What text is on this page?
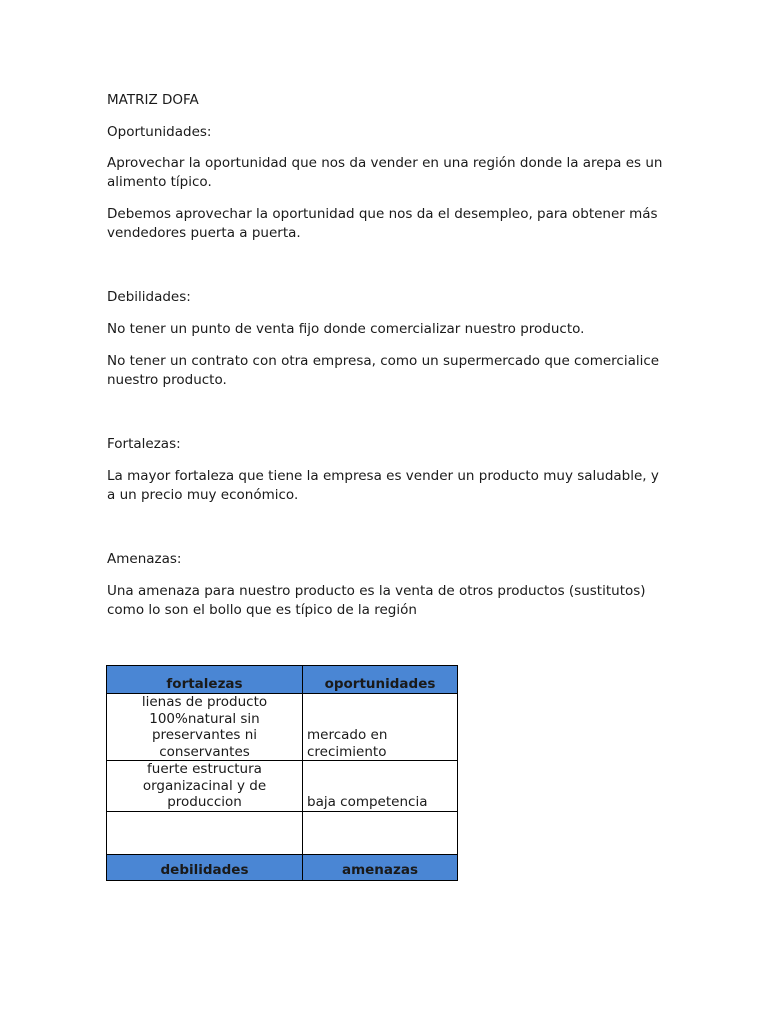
MATRIZ DOFA

Oportunidades:

Aprovechar la oportunidad que nos da vender en una región donde la arepa es un alimento típico.

Debemos aprovechar la oportunidad que nos da el desempleo, para obtener más vendedores puerta a puerta.

Debilidades:

No tener un punto de venta fijo donde comercializar nuestro producto.

No tener un contrato con otra empresa, como un supermercado que comercialice nuestro producto.

Fortalezas:

La mayor fortaleza que tiene la empresa es vender un producto muy saludable, y a un precio muy económico.

Amenazas:

Una amenaza para nuestro producto es la venta de otros productos (sustitutos) como lo son el bollo que es típico de la región

fortalezas	oportunidades
lienas de producto 100%natural sin preservantes ni conservantes	mercado en crecimiento
fuerte estructura organizacinal y de produccion	baja competencia

debilidades	amenazas
